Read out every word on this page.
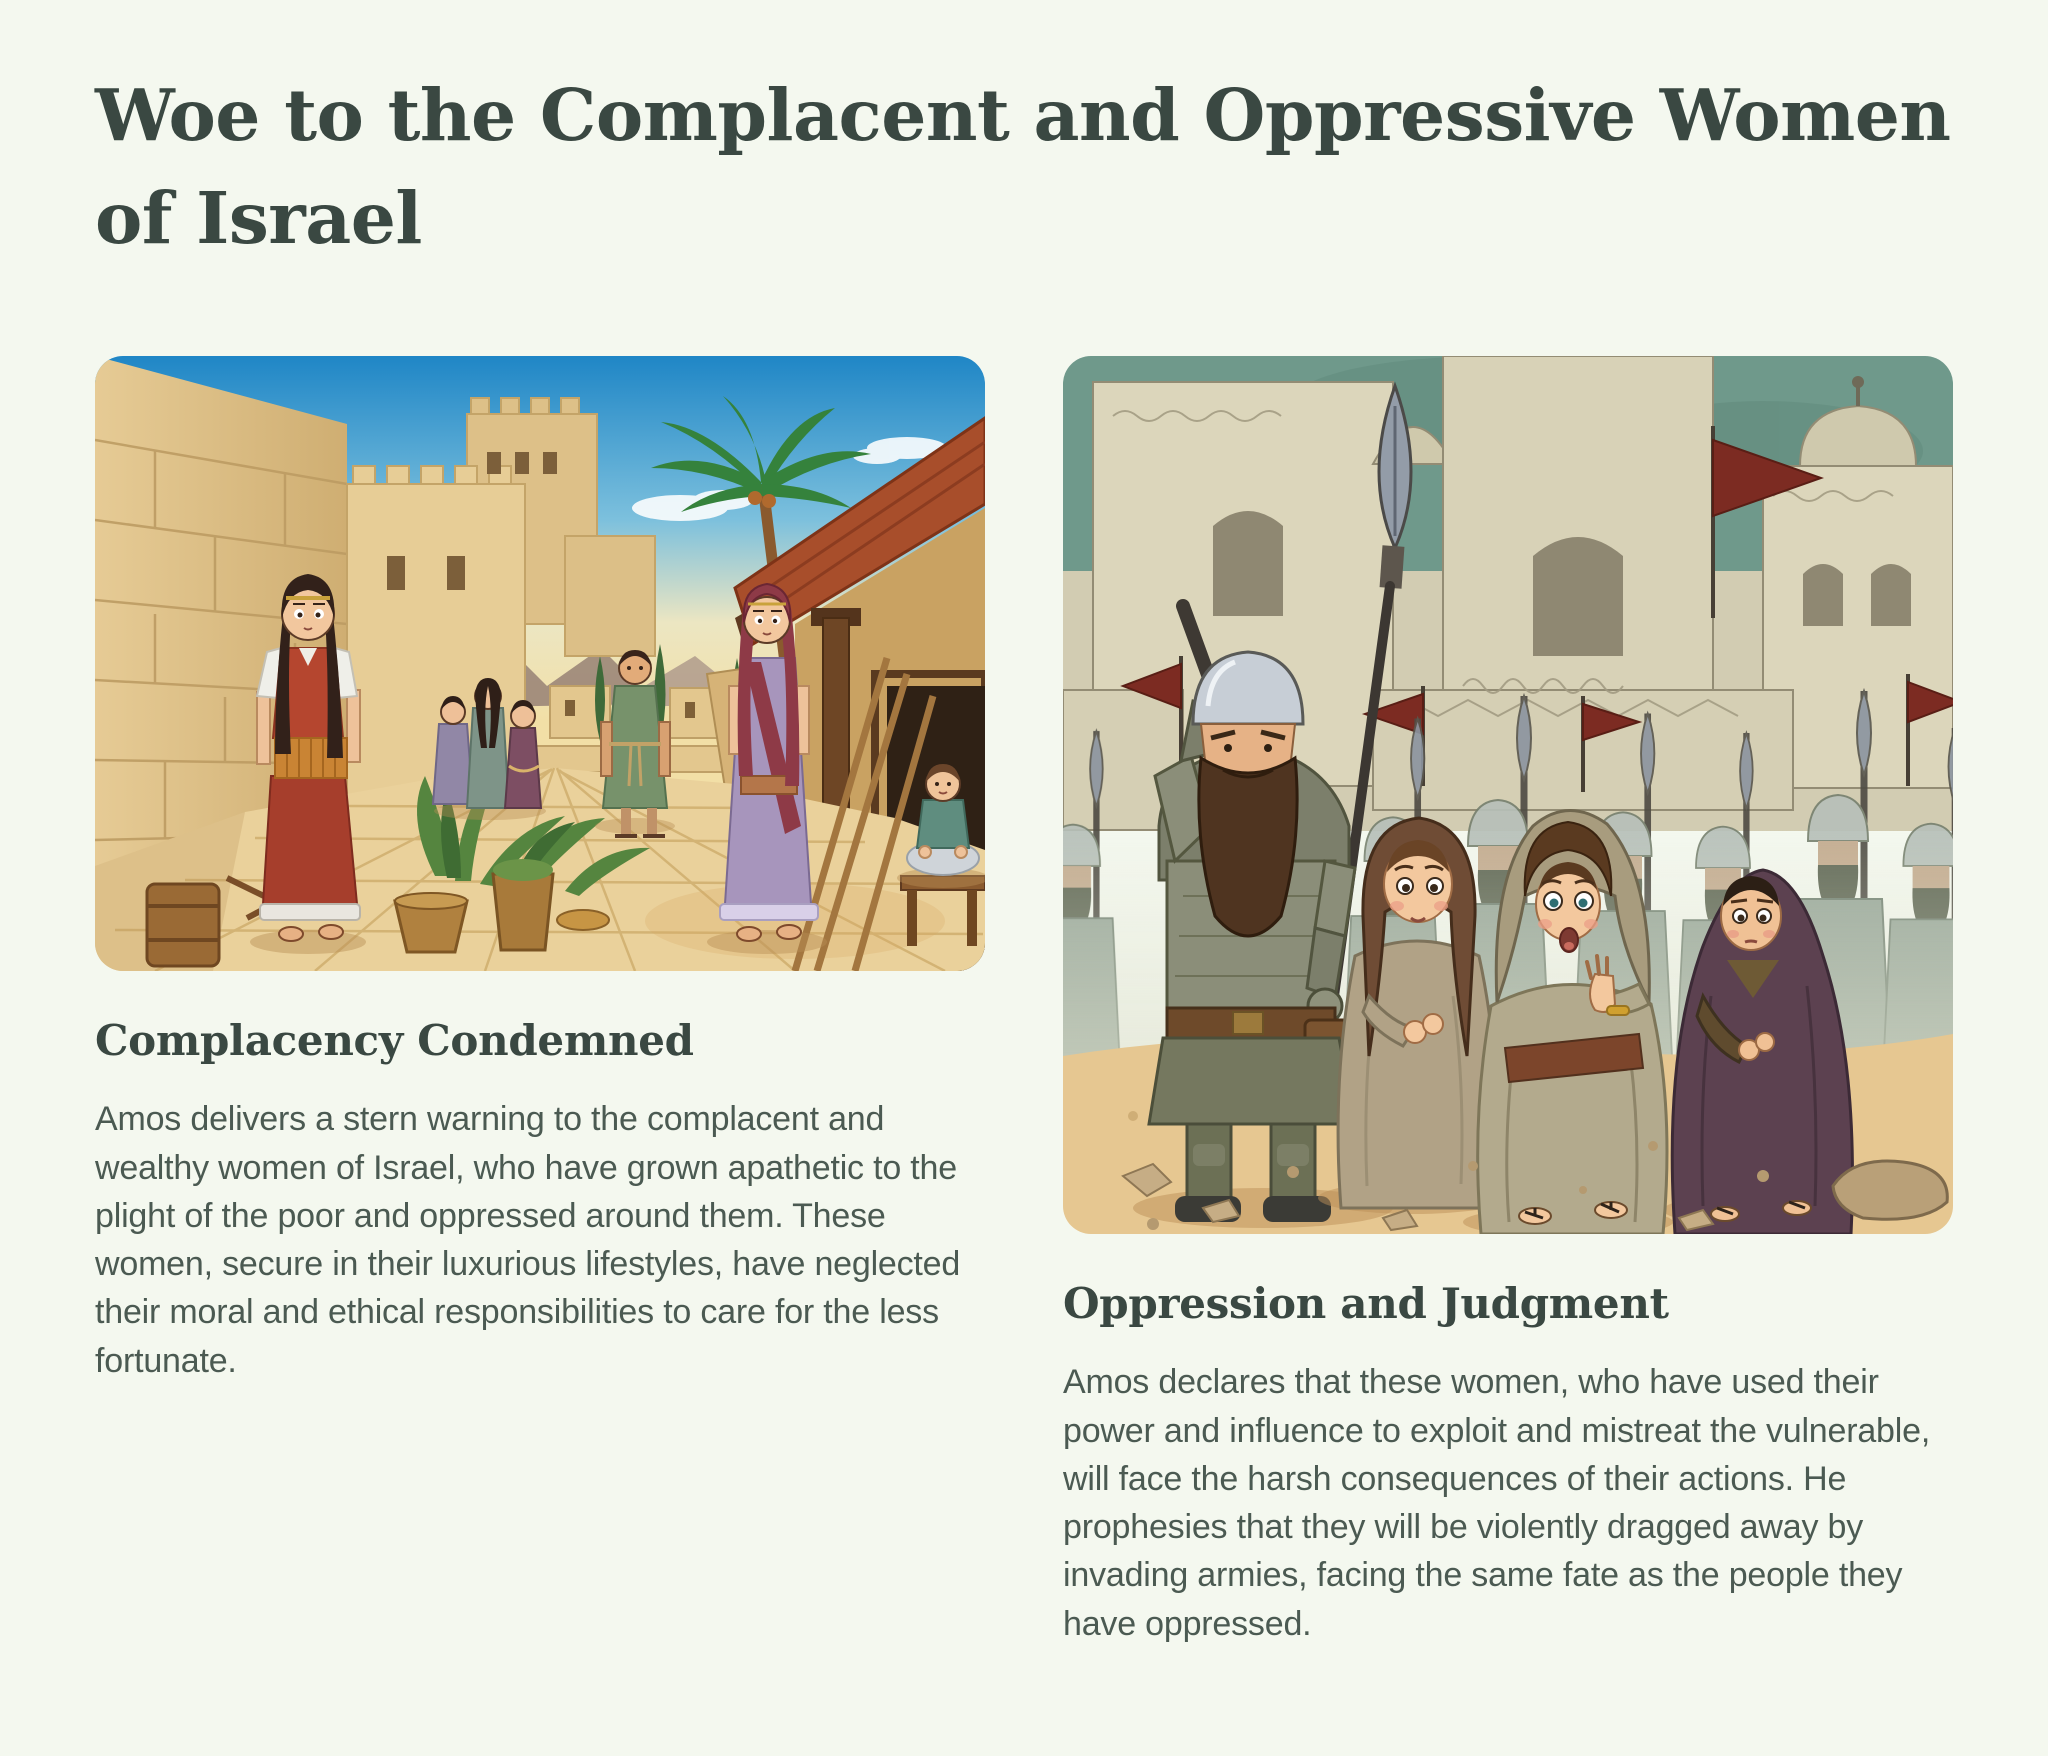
Woe to the Complacent and Oppressive Women
of Israel
Complacency Condemned

Amos delivers a stern warning to the complacent and wealthy women of Israel, who have grown apathetic to the plight of the poor and oppressed around them. These women, secure in their luxurious lifestyles, have neglected their moral and ethical responsibilities to care for the less fortunate.

Oppression and Judgment

Amos declares that these women, who have used their power and influence to exploit and mistreat the vulnerable, will face the harsh consequences of their actions. He prophesies that they will be violently dragged away by invading armies, facing the same fate as the people they have oppressed.
